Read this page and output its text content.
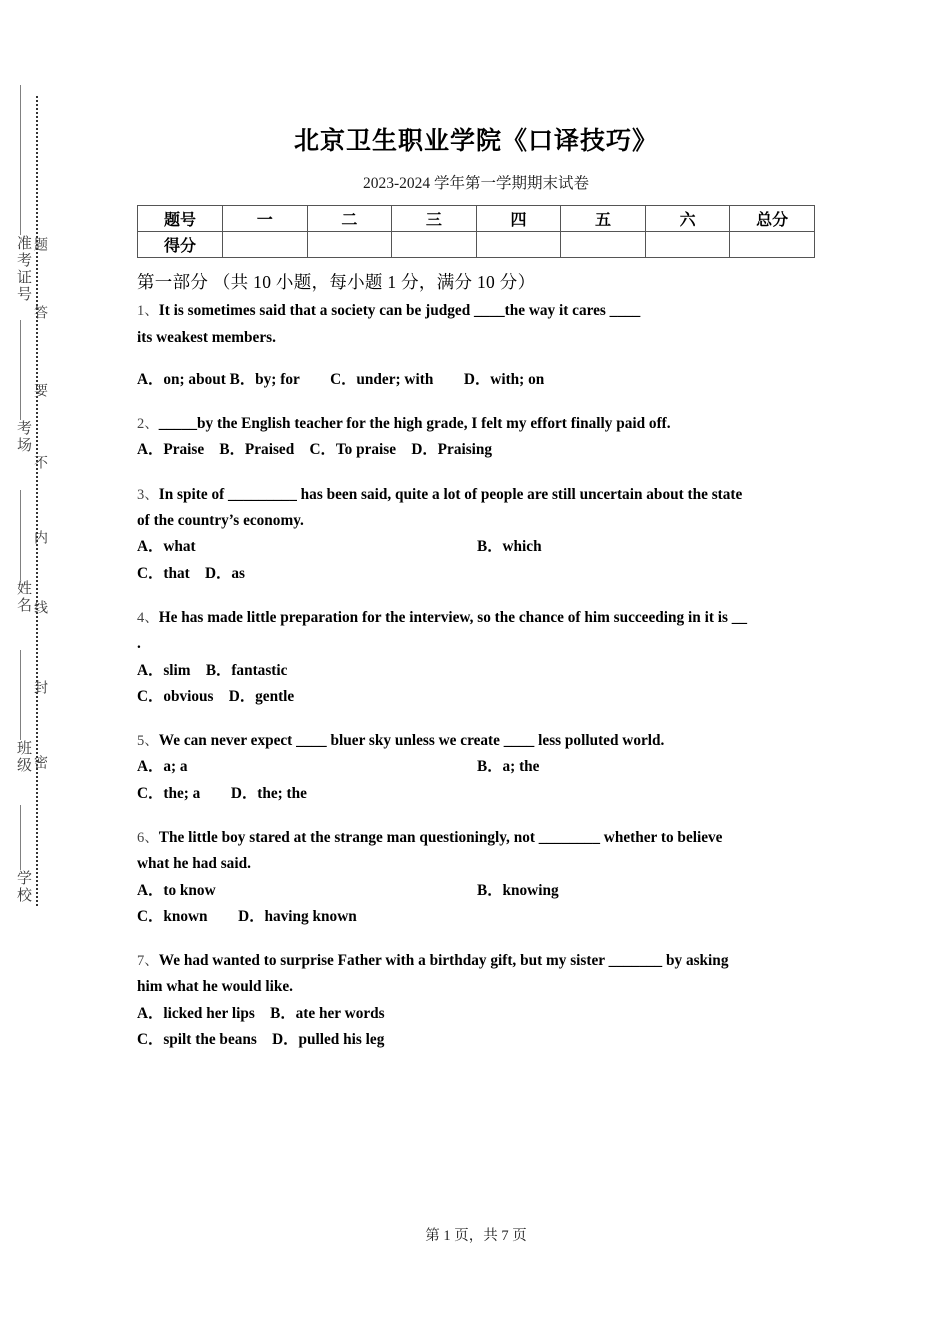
准考证号
考场
姓名
班级
学校
题
答
要
不
内
线
封
密
北京卫生职业学院《口译技巧》
2023-2024 学年第一学期期末试卷
题号	一	二	三	四	五	六	总分
得分							
第一部分 （共 10 小题，每小题 1 分，满分 10 分）

1、It is sometimes said that a society can be judged ____the way it cares ____

its weakest members.

A．on; about B．by; for　　C．under; with　　D．with; on

2、_____by the English teacher for the high grade, I felt my effort finally paid off.

A．Praise　B．Praised　C．To praise　D．Praising

3、In spite of _________ has been said, quite a lot of people are still uncertain about the state

of the country’s economy.

A．what	B．which

C．that　D．as

4、He has made little preparation for the interview, so the chance of him succeeding in it is __

.

A．slim　B．fantastic

C．obvious　D．gentle

5、We can never expect ____ bluer sky unless we create ____ less polluted world.

A．a; a	B．a; the

C．the; a　　D．the; the

6、The little boy stared at the strange man questioningly, not ________ whether to believe

what he had said.

A．to know	B．knowing

C．known　　D．having known

7、We had wanted to surprise Father with a birthday gift, but my sister _______ by asking

him what he would like.

A．licked her lips　B．ate her words

C．spilt the beans　D．pulled his leg

第 1 页，共 7 页
